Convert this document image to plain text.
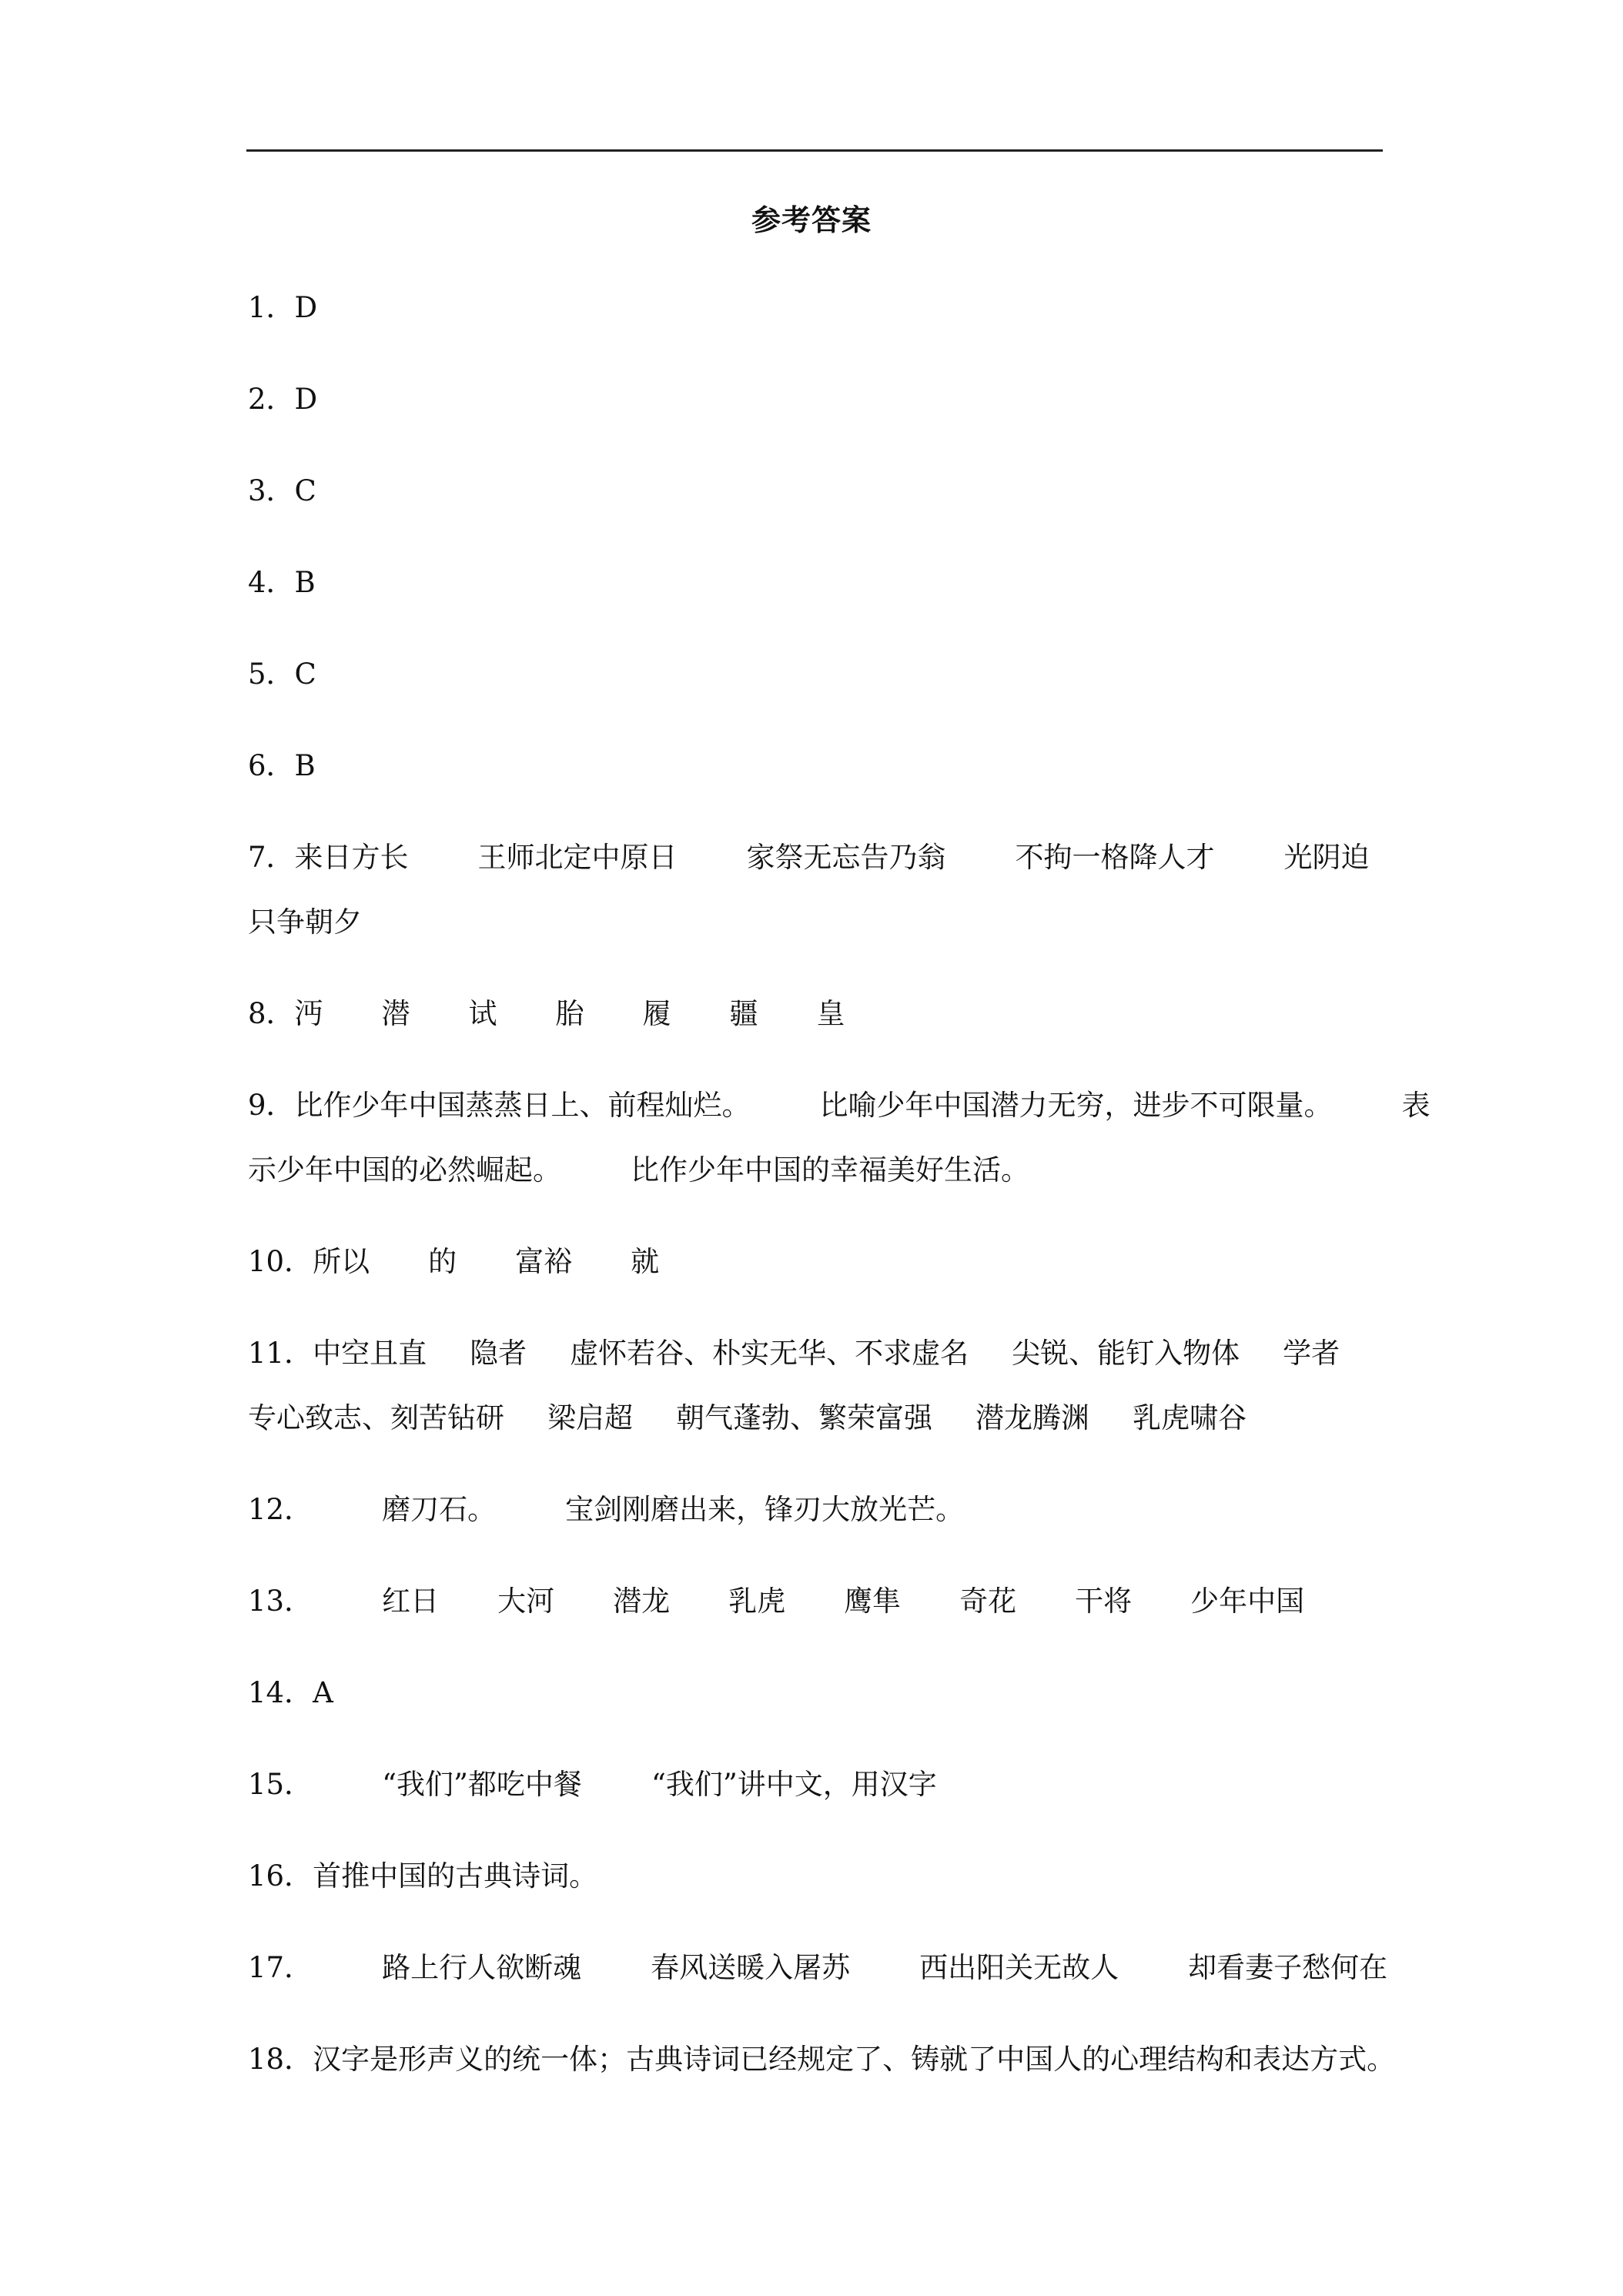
参考答案
1．D
2．D
3．C
4．B
5．C
6．B
7．来日方长 王师北定中原日 家祭无忘告乃翁 不拘一格降人才 光阴迫
只争朝夕
8．沔 潜 试 胎 履 疆 皇
9．比作少年中国蒸蒸日上、前程灿烂。 比喻少年中国潜力无穷，进步不可限量。 表
示少年中国的必然崛起。 比作少年中国的幸福美好生活。
10．所以 的 富裕 就
11．中空且直 隐者 虚怀若谷、朴实无华、不求虚名 尖锐、能钉入物体 学者
专心致志、刻苦钻研 梁启超 朝气蓬勃、繁荣富强 潜龙腾渊 乳虎啸谷
12． 磨刀石。 宝剑刚磨出来，锋刃大放光芒。
13． 红日 大河 潜龙 乳虎 鹰隼 奇花 干将 少年中国
14．A
15． “我们”都吃中餐 “我们”讲中文，用汉字
16．首推中国的古典诗词。
17． 路上行人欲断魂 春风送暖入屠苏 西出阳关无故人 却看妻子愁何在
18．汉字是形声义的统一体；古典诗词已经规定了、铸就了中国人的心理结构和表达方式。
